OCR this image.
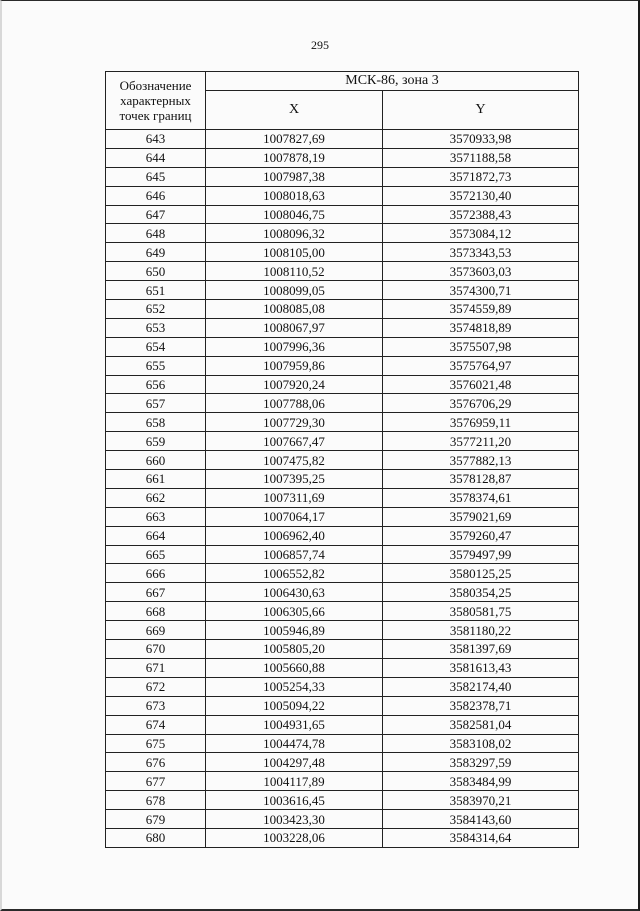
295
Обозначение характерных точек границ	МСК-86, зона 3	
	X	Y
643	1007827,69	3570933,98
644	1007878,19	3571188,58
645	1007987,38	3571872,73
646	1008018,63	3572130,40
647	1008046,75	3572388,43
648	1008096,32	3573084,12
649	1008105,00	3573343,53
650	1008110,52	3573603,03
651	1008099,05	3574300,71
652	1008085,08	3574559,89
653	1008067,97	3574818,89
654	1007996,36	3575507,98
655	1007959,86	3575764,97
656	1007920,24	3576021,48
657	1007788,06	3576706,29
658	1007729,30	3576959,11
659	1007667,47	3577211,20
660	1007475,82	3577882,13
661	1007395,25	3578128,87
662	1007311,69	3578374,61
663	1007064,17	3579021,69
664	1006962,40	3579260,47
665	1006857,74	3579497,99
666	1006552,82	3580125,25
667	1006430,63	3580354,25
668	1006305,66	3580581,75
669	1005946,89	3581180,22
670	1005805,20	3581397,69
671	1005660,88	3581613,43
672	1005254,33	3582174,40
673	1005094,22	3582378,71
674	1004931,65	3582581,04
675	1004474,78	3583108,02
676	1004297,48	3583297,59
677	1004117,89	3583484,99
678	1003616,45	3583970,21
679	1003423,30	3584143,60
680	1003228,06	3584314,64
